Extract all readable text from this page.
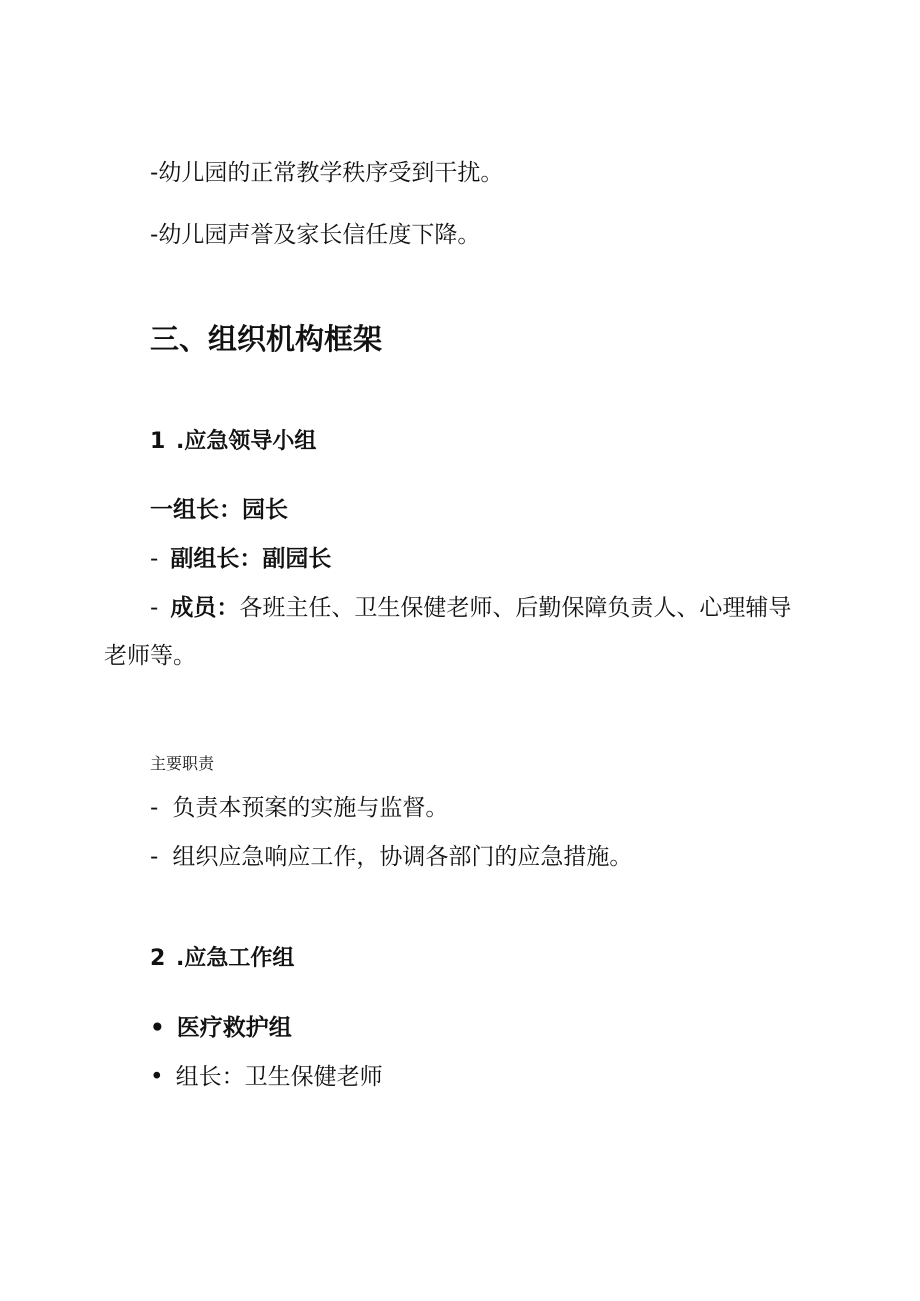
-幼儿园的正常教学秩序受到干扰。
-幼儿园声誉及家长信任度下降。
三、组织机构框架
1 .应急领导小组
一组长：园长
- 副组长：副园长
- 成员：各班主任、卫生保健老师、后勤保障负责人、心理辅导
老师等。
主要职责
- 负责本预案的实施与监督。
- 组织应急响应工作，协调各部门的应急措施。
2 .应急工作组
• 医疗救护组
• 组长：卫生保健老师
